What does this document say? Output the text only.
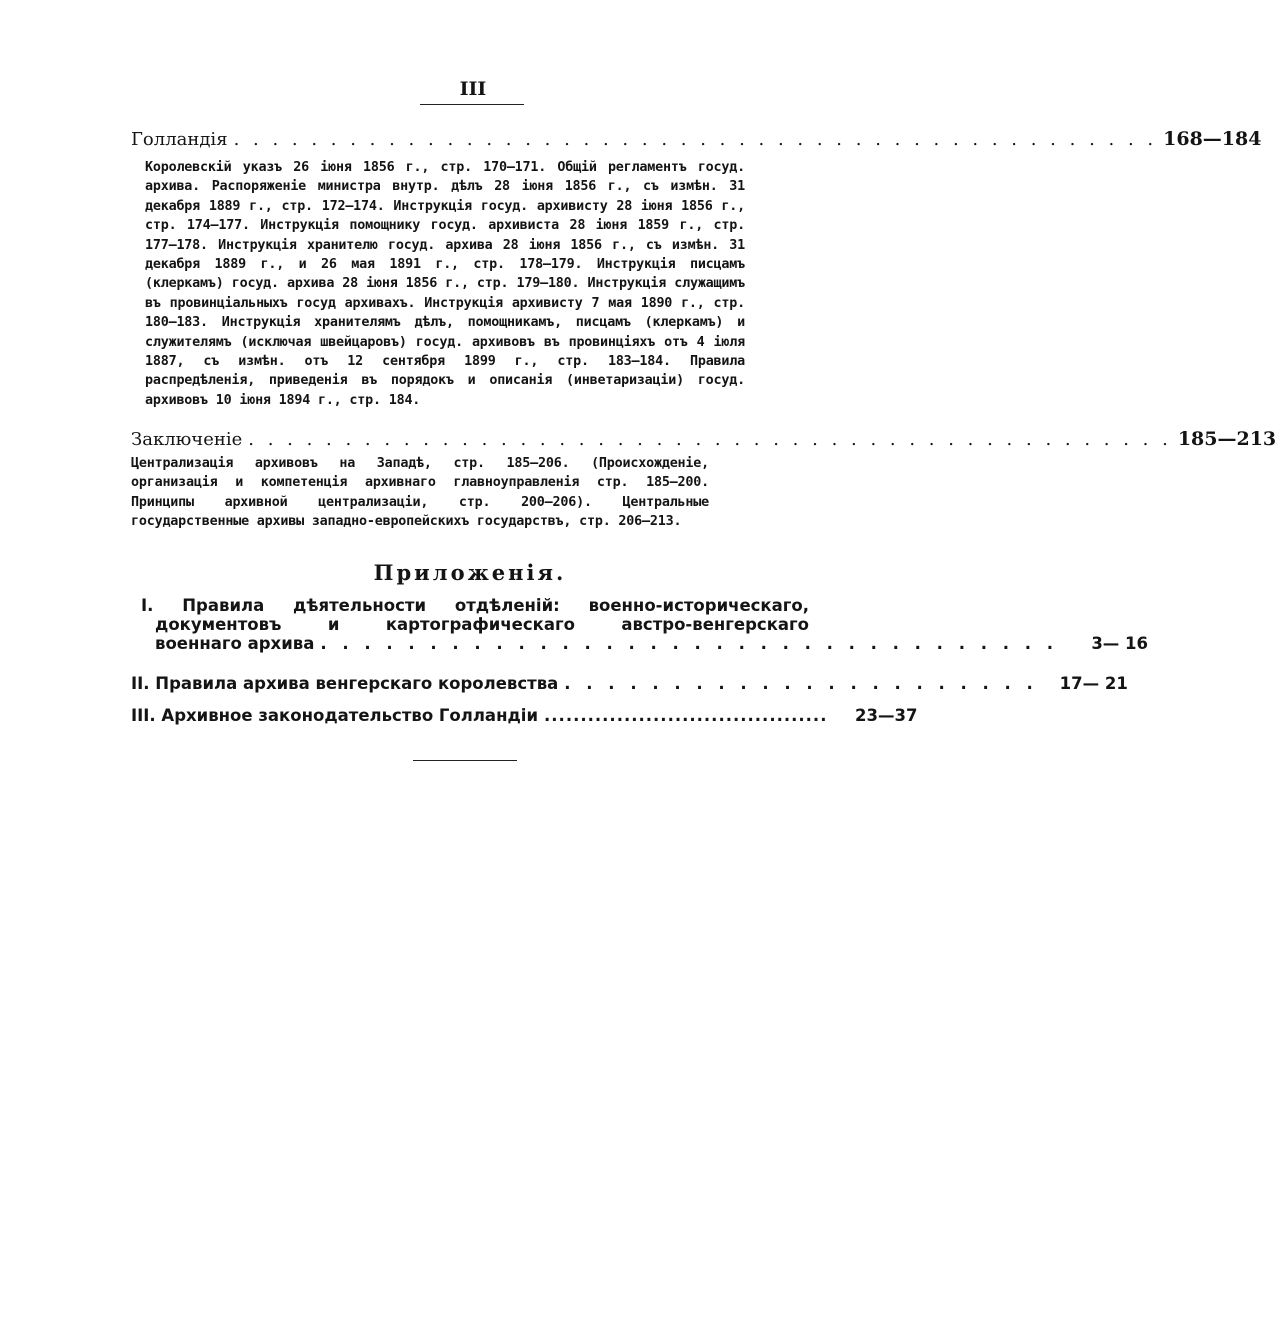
III
Голландія . . . . . . . . . . . . . . . . . . . . . . . . . . . . . . . . . . . . . . . . . . . . . . . . 168—184
Королевскій указъ 26 іюня 1856 г., стр. 170—171. Общій регламентъ госуд. архива. Распоряженіе министра внутр. дѣлъ 28 іюня 1856 г., съ измѣн. 31 декабря 1889 г., стр. 172—174. Инструкція госуд. архивисту 28 іюня 1856 г., стр. 174—177. Инструкція помощнику госуд. архивиста 28 іюня 1859 г., стр. 177—178. Инструкція хранителю госуд. архива 28 іюня 1856 г., съ измѣн. 31 декабря 1889 г., и 26 мая 1891 г., стр. 178—179. Инструкція писцамъ (клеркамъ) госуд. архива 28 іюня 1856 г., стр. 179—180. Инструкція служащимъ въ провинціальныхъ госуд архивахъ. Инструкція архивисту 7 мая 1890 г., стр. 180—183. Инструкція хранителямъ дѣлъ, помощникамъ, писцамъ (клеркамъ) и служителямъ (исключая швейцаровъ) госуд. архивовъ въ провинціяхъ отъ 4 іюля 1887, съ измѣн. отъ 12 сентября 1899 г., стр. 183—184. Правила распредѣленія, приведенія въ порядокъ и описанія (инветаризаціи) госуд. архивовъ 10 іюня 1894 г., стр. 184.
Заключеніе . . . . . . . . . . . . . . . . . . . . . . . . . . . . . . . . . . . . . . . . . . . . . . . . 185—213
Централизація архивовъ на Западѣ, стр. 185—206. (Происхожденіе, организація и компетенція архивнаго главноуправленія стр. 185—200. Принципы архивной централизаціи, стр. 200—206). Центральные государственные архивы западно-европейскихъ государствъ, стр. 206—213.
Приложенія.
I. Правила дѣятельности отдѣленій: военно-историческаго,
документовъ и картографическаго австро-венгерскаго
военнаго архива . . . . . . . . . . . . . . . . . . . . . . . . . . . . . . . . . .	3— 16
II. Правила архива венгерскаго королевства . . . . . . . . . . . . . . . . . . . . . .	17— 21
III. Архивное законодательство Голландіи .......................................	23—37
